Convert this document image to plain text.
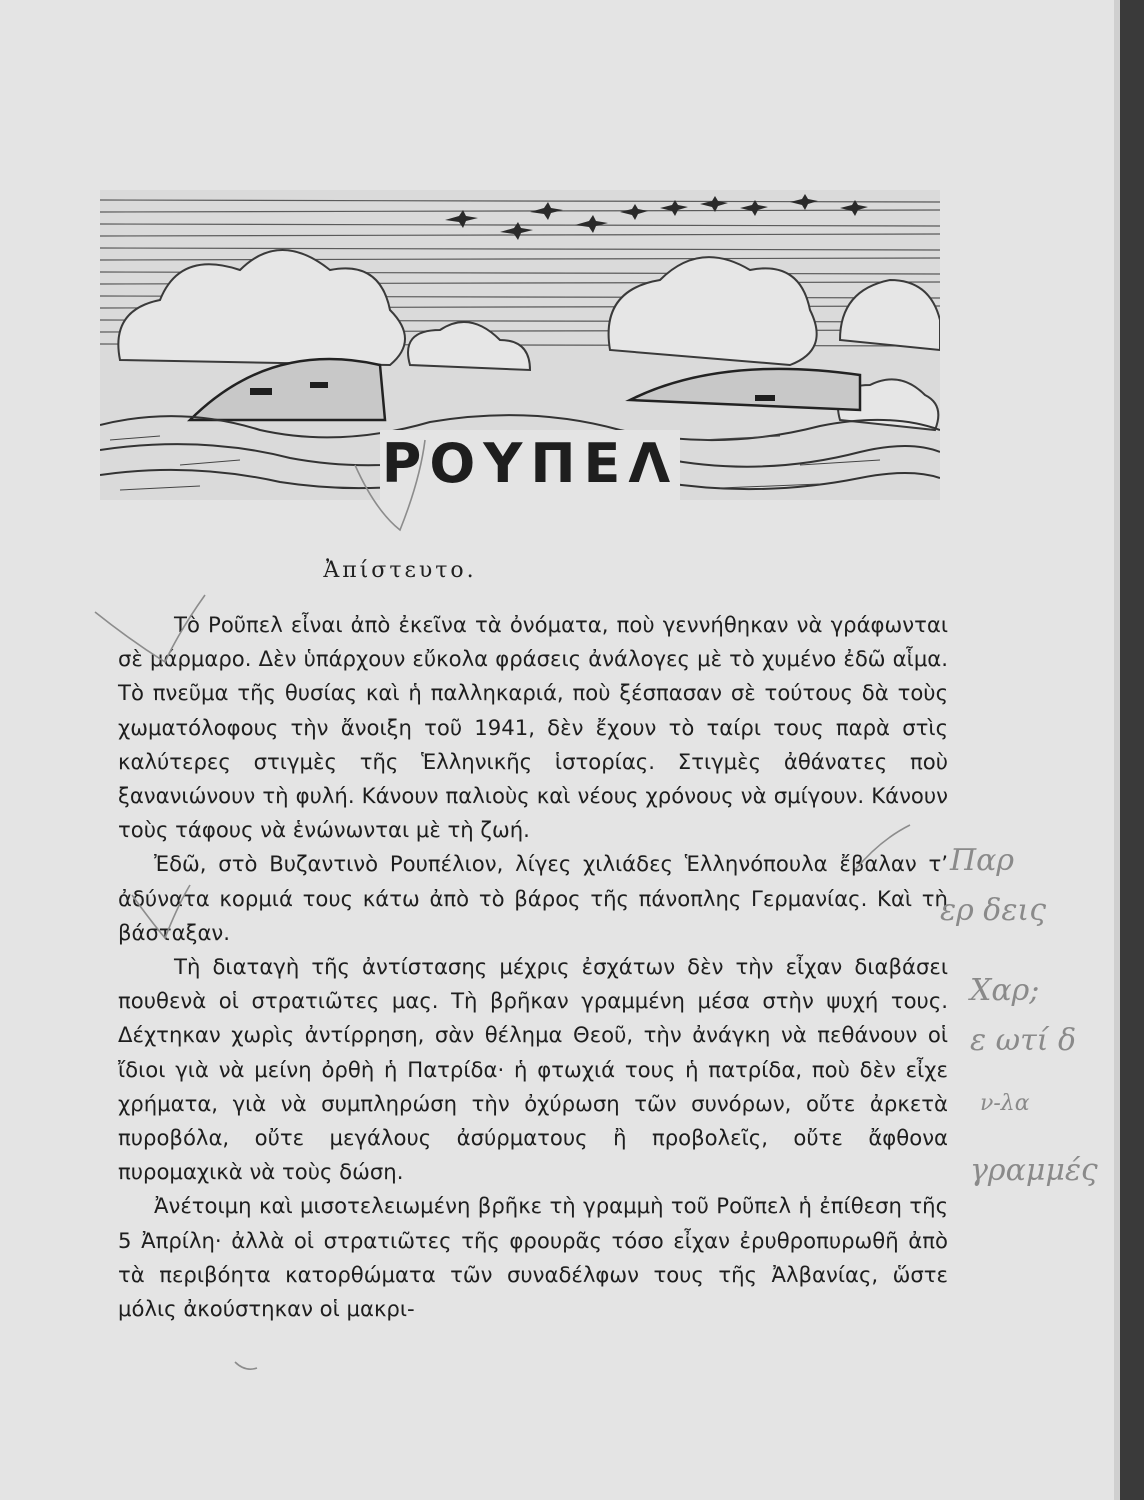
ΡΟΥΠΕΛ
Ἀπίστευτο.

Τὸ Ροῦπελ εἶναι ἀπὸ ἐκεῖνα τὰ ὀνόματα, ποὺ γεννήθηκαν νὰ γράφωνται σὲ μάρμαρο. Δὲν ὑπάρχουν εὔκολα φράσεις ἀνάλογες μὲ τὸ χυμένο ἐδῶ αἷμα. Τὸ πνεῦμα τῆς θυσίας καὶ ἡ παλληκαριά, ποὺ ξέσπασαν σὲ τούτους δὰ τοὺς χωματόλοφους τὴν ἄνοιξη τοῦ 1941, δὲν ἔχουν τὸ ταίρι τους παρὰ στὶς καλύτερες στιγμὲς τῆς Ἑλληνικῆς ἱστορίας. Στιγμὲς ἀθάνατες ποὺ ξανανιώνουν τὴ φυλή. Κάνουν παλιοὺς καὶ νέους χρόνους νὰ σμίγουν. Κάνουν τοὺς τάφους νὰ ἑνώνωνται μὲ τὴ ζωή.

Ἐδῶ, στὸ Βυζαντινὸ Ρουπέλιον, λίγες χιλιάδες Ἑλληνόπουλα ἔβαλαν τ’ ἀδύνατα κορμιά τους κάτω ἀπὸ τὸ βάρος τῆς πάνοπλης Γερμανίας. Καὶ τὴ βάσταξαν.

Τὴ διαταγὴ τῆς ἀντίστασης μέχρις ἐσχάτων δὲν τὴν εἶχαν διαβάσει πουθενὰ οἱ στρατιῶτες μας. Τὴ βρῆκαν γραμμένη μέσα στὴν ψυχή τους. Δέχτηκαν χωρὶς ἀντίρρηση, σὰν θέλημα Θεοῦ, τὴν ἀνάγκη νὰ πεθάνουν οἱ ἴδιοι γιὰ νὰ μείνη ὀρθὴ ἡ Πατρίδα· ἡ φτωχιά τους ἡ πατρίδα, ποὺ δὲν εἶχε χρήματα, γιὰ νὰ συμπληρώση τὴν ὀχύρωση τῶν συνόρων, οὔτε ἀρκετὰ πυροβόλα, οὔτε μεγάλους ἀσύρματους ἢ προβολεῖς, οὔτε ἄφθονα πυρομαχικὰ νὰ τοὺς δώση.

Ἀνέτοιμη καὶ μισοτελειωμένη βρῆκε τὴ γραμμὴ τοῦ Ροῦπελ ἡ ἐπίθεση τῆς 5 Ἀπρίλη· ἀλλὰ οἱ στρατιῶτες τῆς φρουρᾶς τόσο εἶχαν ἐρυθροπυρωθῆ ἀπὸ τὰ περιβόητα κατορθώματα τῶν συναδέλφων τους τῆς Ἀλβανίας, ὥστε μόλις ἀκούστηκαν οἱ μακρι-

Παρ
ερ δεις
Χαρ;
ε ωτί δ
ν-λα
γραμμές
